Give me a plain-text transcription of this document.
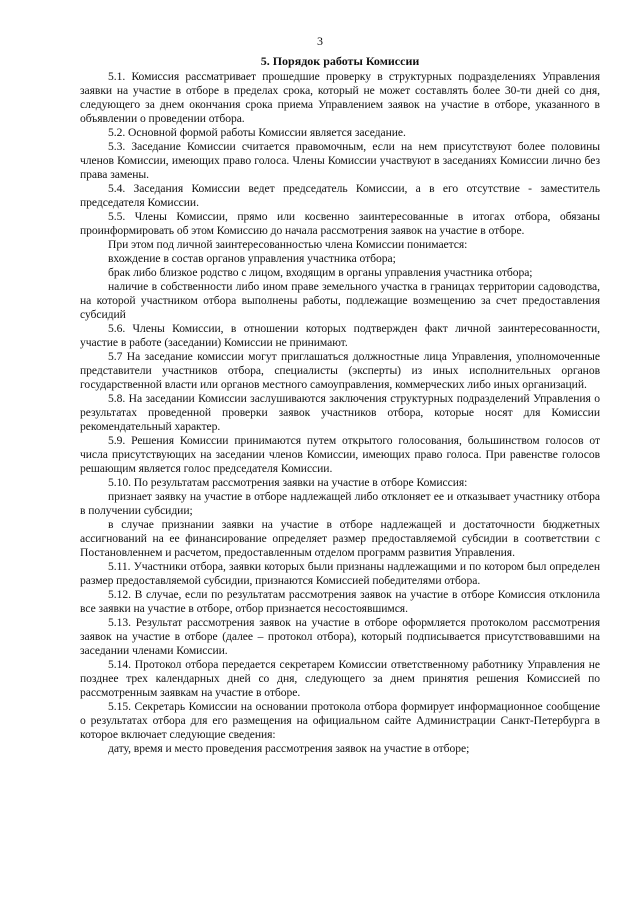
3
5. Порядок работы Комиссии

5.1. Комиссия рассматривает прошедшие проверку в структурных подразделениях Управления заявки на участие в отборе в пределах срока, который не может составлять более 30-ти дней со дня, следующего за днем окончания срока приема Управлением заявок на участие в отборе, указанного в объявлении о проведении отбора.

5.2. Основной формой работы Комиссии является заседание.

5.3. Заседание Комиссии считается правомочным, если на нем присутствуют более половины членов Комиссии, имеющих право голоса. Члены Комиссии участвуют в заседаниях Комиссии лично без права замены.

5.4. Заседания Комиссии ведет председатель Комиссии, а в его отсутствие - заместитель председателя Комиссии.

5.5. Члены Комиссии, прямо или косвенно заинтересованные в итогах отбора, обязаны проинформировать об этом Комиссию до начала рассмотрения заявок на участие в отборе.

При этом под личной заинтересованностью члена Комиссии понимается:

вхождение в состав органов управления участника отбора;

брак либо близкое родство с лицом, входящим в органы управления участника отбора;

наличие в собственности либо ином праве земельного участка в границах территории садоводства, на которой участником отбора выполнены работы, подлежащие возмещению за счет предоставления субсидий

5.6. Члены Комиссии, в отношении которых подтвержден факт личной заинтересованности, участие в работе (заседании) Комиссии не принимают.

5.7 На заседание комиссии могут приглашаться должностные лица Управления, уполномоченные представители участников отбора, специалисты (эксперты) из иных исполнительных органов государственной власти или органов местного самоуправления, коммерческих либо иных организаций.

5.8. На заседании Комиссии заслушиваются заключения структурных подразделений Управления о результатах проведенной проверки заявок участников отбора, которые носят для Комиссии рекомендательный характер.

5.9. Решения Комиссии принимаются путем открытого голосования, большинством голосов от числа присутствующих на заседании членов Комиссии, имеющих право голоса. При равенстве голосов решающим является голос председателя Комиссии.

5.10. По результатам рассмотрения заявки на участие в отборе Комиссия:

признает заявку на участие в отборе надлежащей либо отклоняет ее и отказывает участнику отбора в получении субсидии;

в случае признании заявки на участие в отборе надлежащей и достаточности бюджетных ассигнований на ее финансирование определяет размер предоставляемой субсидии в соответствии с Постановленнем и расчетом, предоставленным отделом программ развития Управления.

5.11. Участники отбора, заявки которых были признаны надлежащими и по котором был определен размер предоставляемой субсидии, признаются Комиссией победителями отбора.

5.12. В случае, если по результатам рассмотрения заявок на участие в отборе Комиссия отклонила все заявки на участие в отборе, отбор признается несостоявшимся.

5.13. Результат рассмотрения заявок на участие в отборе оформляется протоколом рассмотрения заявок на участие в отборе (далее – протокол отбора), который подписывается присутствовавшими на заседании членами Комиссии.

5.14. Протокол отбора передается секретарем Комиссии ответственному работнику Управления не позднее трех календарных дней со дня, следующего за днем принятия решения Комиссией по рассмотренным заявкам на участие в отборе.

5.15. Секретарь Комиссии на основании протокола отбора формирует информационное сообщение о результатах отбора для его размещения на официальном сайте Администрации Санкт-Петербурга в которое включает следующие сведения:

дату, время и место проведения рассмотрения заявок на участие в отборе;
